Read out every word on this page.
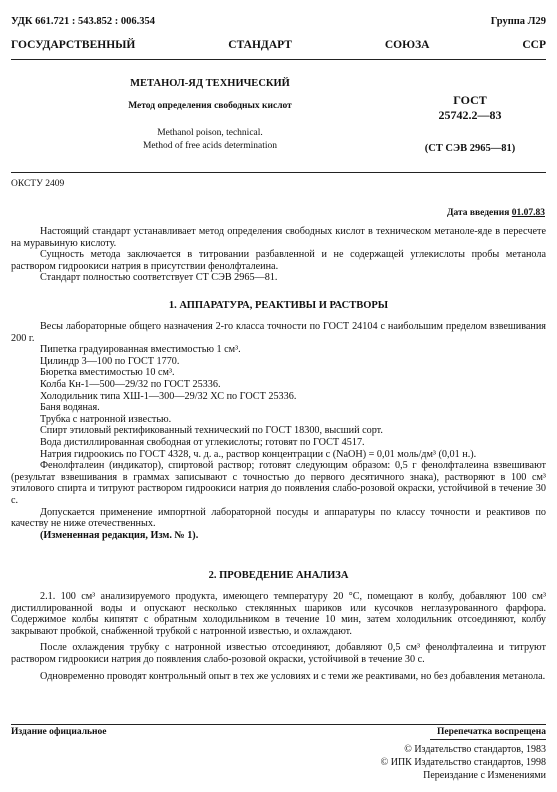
УДК 661.721 : 543.852 : 006.354	Группа Л29
ГОСУДАРСТВЕННЫЙ	СТАНДАРТ	СОЮЗА	ССР
МЕТАНОЛ-ЯД ТЕХНИЧЕСКИЙ
Метод определения свободных кислот
Methanol poison, technical.
Method of free acids determination
ГОСТ
25742.2—83
(СТ СЭВ 2965—81)
ОКСТУ 2409
Дата введения 01.07.83

Настоящий стандарт устанавливает метод определения свободных кислот в техническом метаноле-яде в пересчете на муравьиную кислоту.

Сущность метода заключается в титровании разбавленной и не содержащей углекислоты пробы метанола раствором гидроокиси натрия в присутствии фенолфталеина.

Стандарт полностью соответствует СТ СЭВ 2965—81.

1. АППАРАТУРА, РЕАКТИВЫ И РАСТВОРЫ

Весы лабораторные общего назначения 2-го класса точности по ГОСТ 24104 с наибольшим пределом взвешивания 200 г.

Пипетка градуированная вместимостью 1 см³.

Цилиндр 3—100 по ГОСТ 1770.

Бюретка вместимостью 10 см³.

Колба Кн-1—500—29/32 по ГОСТ 25336.

Холодильник типа ХШ-1—300—29/32 ХС по ГОСТ 25336.

Баня водяная.

Трубка с натронной известью.

Спирт этиловый ректификованный технический по ГОСТ 18300, высший сорт.

Вода дистиллированная свободная от углекислоты; готовят по ГОСТ 4517.

Натрия гидроокись по ГОСТ 4328, ч. д. а., раствор концентрации c (NaOH) = 0,01 моль/дм³ (0,01 н.).

Фенолфталеин (индикатор), спиртовой раствор; готовят следующим образом: 0,5 г фенолфталеина взвешивают (результат взвешивания в граммах записывают с точностью до первого десятичного знака), растворяют в 100 см³ этилового спирта и титруют раствором гидроокиси натрия до появления слабо-розовой окраски, устойчивой в течение 30 с.

Допускается применение импортной лабораторной посуды и аппаратуры по классу точности и реактивов по качеству не ниже отечественных.

(Измененная редакция, Изм. № 1).

2. ПРОВЕДЕНИЕ АНАЛИЗА

2.1. 100 см³ анализируемого продукта, имеющего температуру 20 °С, помещают в колбу, добавляют 100 см³ дистиллированной воды и опускают несколько стеклянных шариков или кусочков неглазурованного фарфора. Содержимое колбы кипятят с обратным холодильником в течение 10 мин, затем холодильник отсоединяют, колбу закрывают пробкой, снабженной трубкой с натронной известью, и охлаждают.

После охлаждения трубку с натронной известью отсоединяют, добавляют 0,5 см³ фенолфталеина и титруют раствором гидроокиси натрия до появления слабо-розовой окраски, устойчивой в течение 30 с.

Одновременно проводят контрольный опыт в тех же условиях и с теми же реактивами, но без добавления метанола.

Издание официальное	Перепечатка воспрещена
© Издательство стандартов, 1983
© ИПК Издательство стандартов, 1998
Переиздание с Изменениями
